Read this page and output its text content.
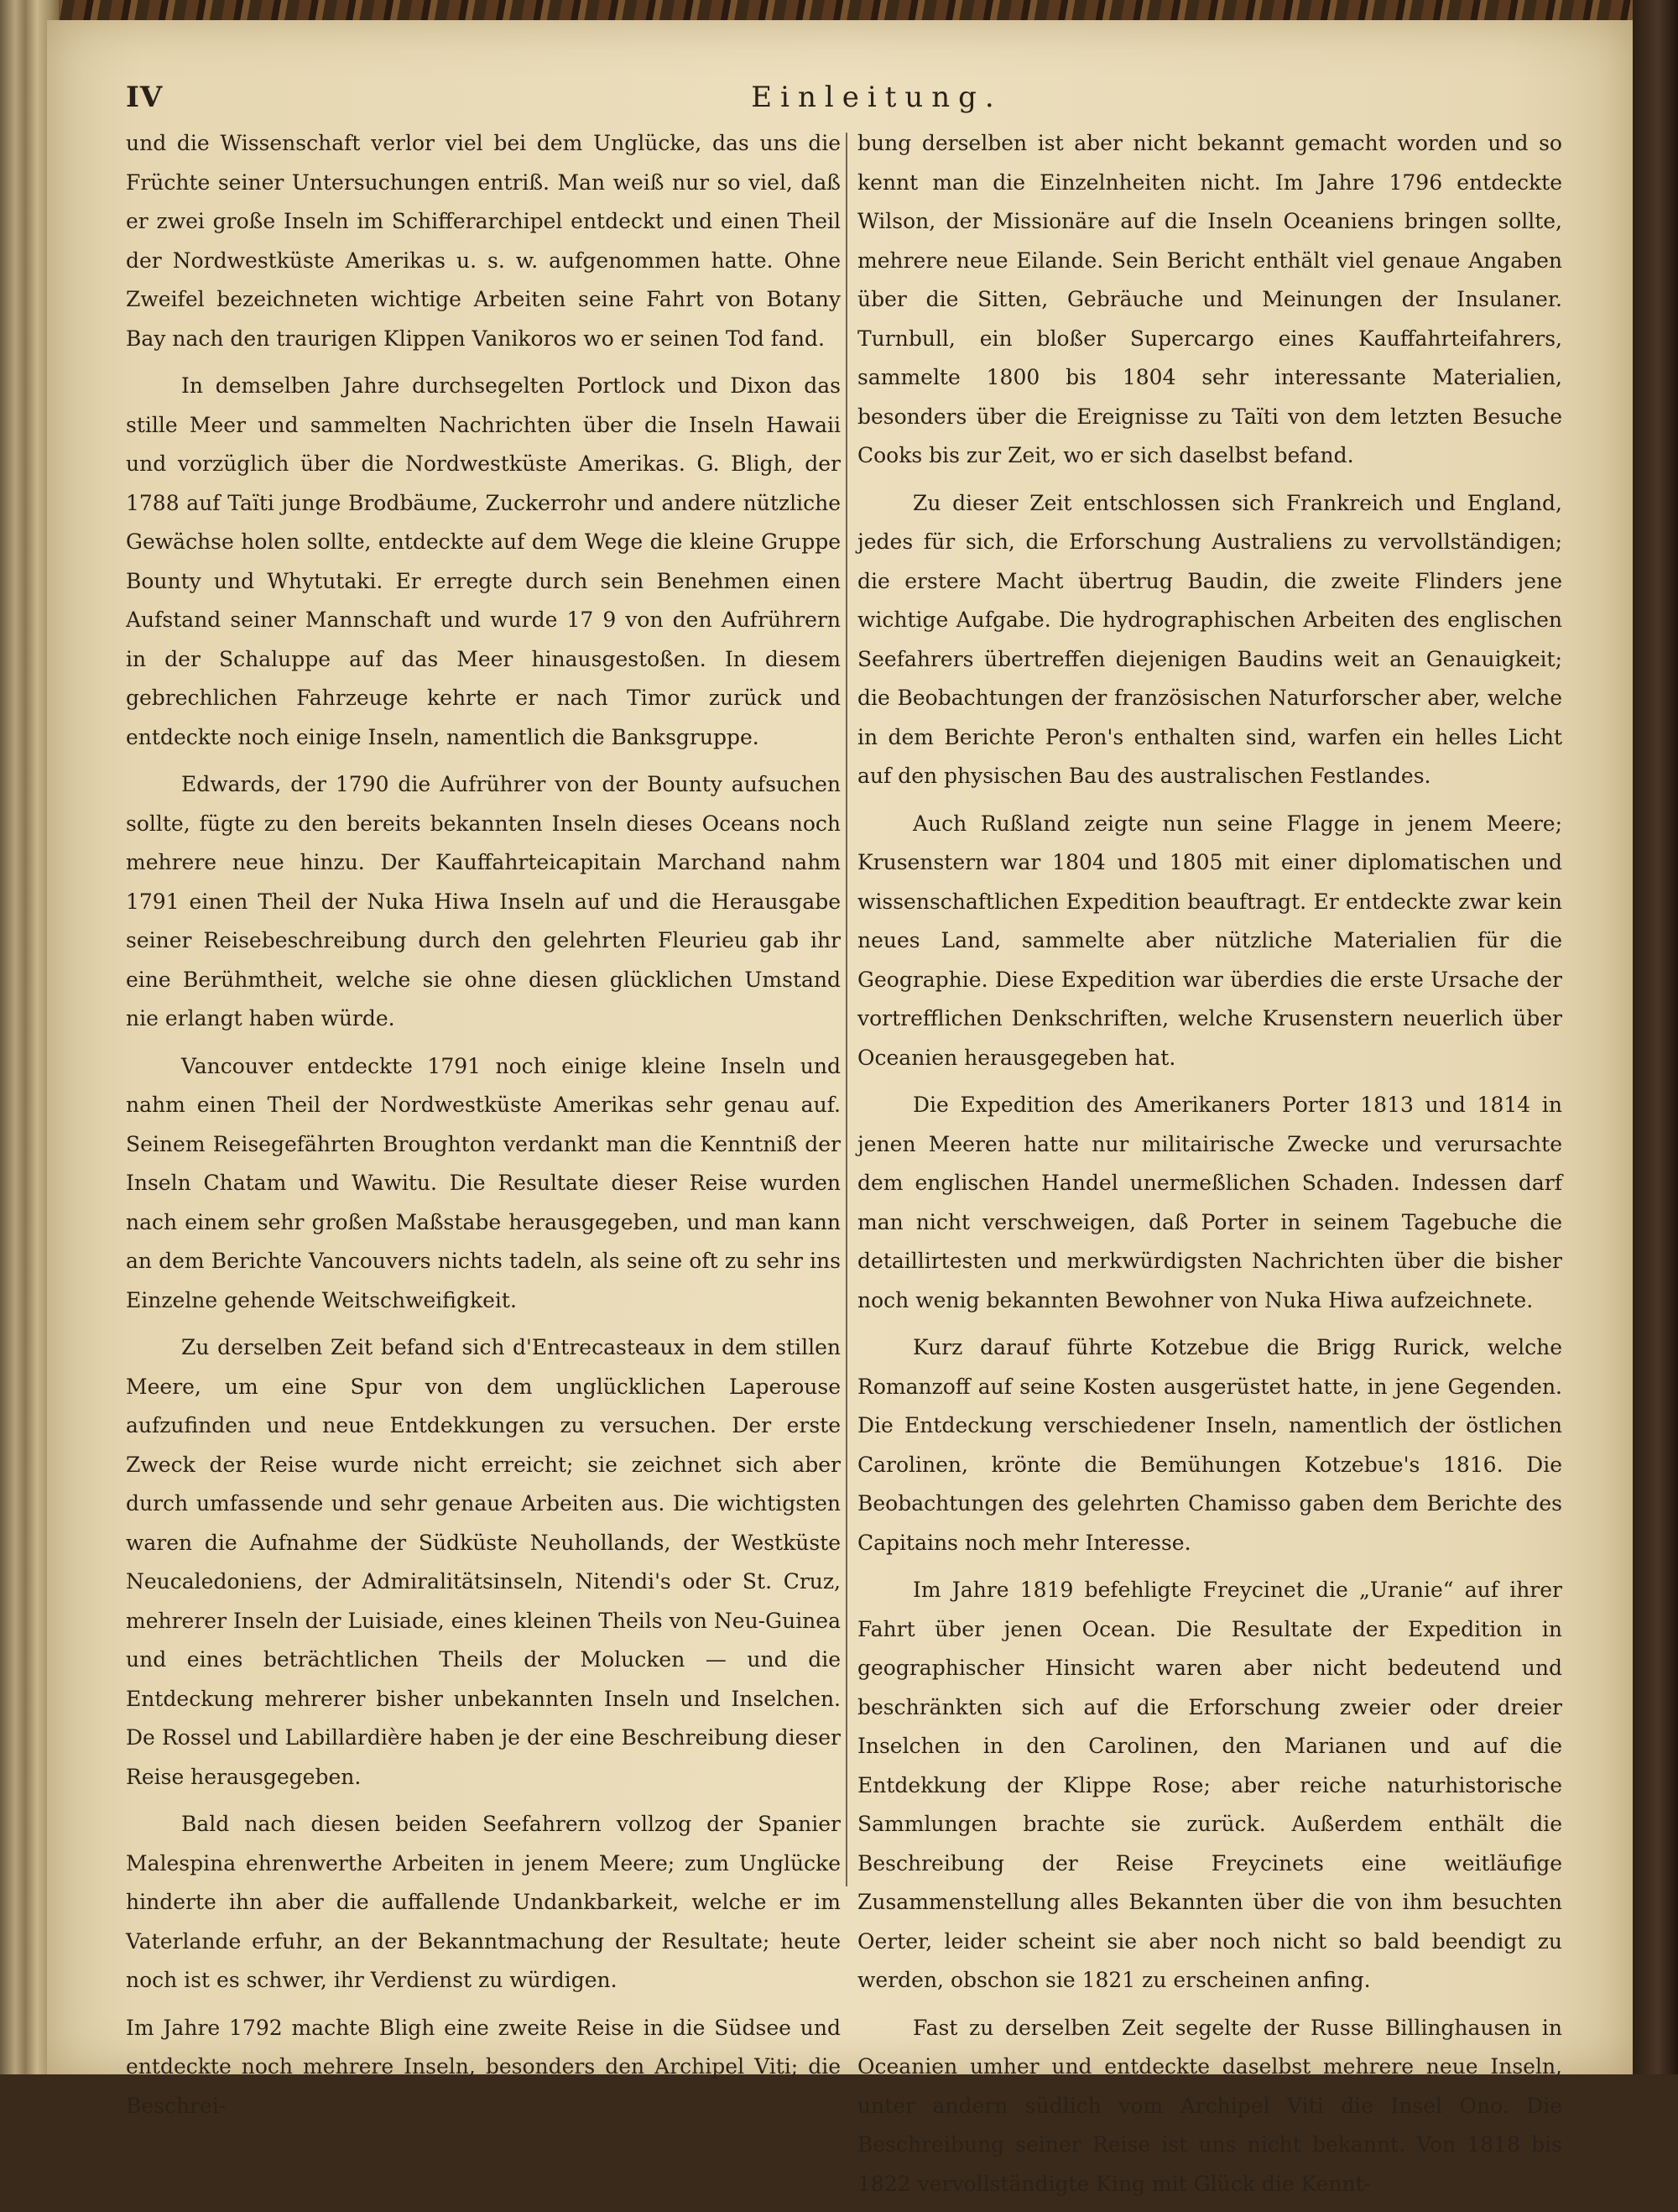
IV	Einleitung.

und die Wissenschaft verlor viel bei dem Unglücke, das uns die Früchte seiner Untersuchungen entriß. Man weiß nur so viel, daß er zwei große Inseln im Schifferarchipel entdeckt und einen Theil der Nordwestküste Amerikas u. s. w. aufgenommen hatte. Ohne Zweifel bezeichneten wichtige Arbeiten seine Fahrt von Botany Bay nach den traurigen Klippen Vanikoros wo er seinen Tod fand.

In demselben Jahre durchsegelten Portlock und Dixon das stille Meer und sammelten Nachrichten über die Inseln Hawaii und vorzüglich über die Nordwestküste Amerikas. G. Bligh, der 1788 auf Taïti junge Brodbäume, Zuckerrohr und andere nützliche Gewächse holen sollte, entdeckte auf dem Wege die kleine Gruppe Bounty und Whytutaki. Er erregte durch sein Benehmen einen Aufstand seiner Mannschaft und wurde 17 9 von den Aufrührern in der Schaluppe auf das Meer hinausgestoßen. In diesem gebrechlichen Fahrzeuge kehrte er nach Timor zurück und entdeckte noch einige Inseln, namentlich die Banksgruppe.

Edwards, der 1790 die Aufrührer von der Bounty aufsuchen sollte, fügte zu den bereits bekannten Inseln dieses Oceans noch mehrere neue hinzu. Der Kauffahrteicapitain Marchand nahm 1791 einen Theil der Nuka Hiwa Inseln auf und die Herausgabe seiner Reisebeschreibung durch den gelehrten Fleurieu gab ihr eine Berühmtheit, welche sie ohne diesen glücklichen Umstand nie erlangt haben würde.

Vancouver entdeckte 1791 noch einige kleine Inseln und nahm einen Theil der Nordwestküste Amerikas sehr genau auf. Seinem Reisegefährten Broughton verdankt man die Kenntniß der Inseln Chatam und Wawitu. Die Resultate dieser Reise wurden nach einem sehr großen Maßstabe herausgegeben, und man kann an dem Berichte Vancouvers nichts tadeln, als seine oft zu sehr ins Einzelne gehende Weitschweifigkeit.

Zu derselben Zeit befand sich d'Entrecasteaux in dem stillen Meere, um eine Spur von dem unglücklichen Laperouse aufzufinden und neue Entdekkungen zu versuchen. Der erste Zweck der Reise wurde nicht erreicht; sie zeichnet sich aber durch umfassende und sehr genaue Arbeiten aus. Die wichtigsten waren die Aufnahme der Südküste Neuhollands, der Westküste Neucaledoniens, der Admiralitätsinseln, Nitendi's oder St. Cruz, mehrerer Inseln der Luisiade, eines kleinen Theils von Neu-Guinea und eines beträchtlichen Theils der Molucken — und die Entdeckung mehrerer bisher unbekannten Inseln und Inselchen. De Rossel und Labillardière haben je der eine Beschreibung dieser Reise herausgegeben.

Bald nach diesen beiden Seefahrern vollzog der Spanier Malespina ehrenwerthe Arbeiten in jenem Meere; zum Unglücke hinderte ihn aber die auffallende Undankbarkeit, welche er im Vaterlande erfuhr, an der Bekanntmachung der Resultate; heute noch ist es schwer, ihr Verdienst zu würdigen.

Im Jahre 1792 machte Bligh eine zweite Reise in die Südsee und entdeckte noch mehrere Inseln, besonders den Archipel Viti; die Beschrei-

bung derselben ist aber nicht bekannt gemacht worden und so kennt man die Einzelnheiten nicht. Im Jahre 1796 entdeckte Wilson, der Missionäre auf die Inseln Oceaniens bringen sollte, mehrere neue Eilande. Sein Bericht enthält viel genaue Angaben über die Sitten, Gebräuche und Meinungen der Insulaner. Turnbull, ein bloßer Supercargo eines Kauffahrteifahrers, sammelte 1800 bis 1804 sehr interessante Materialien, besonders über die Ereignisse zu Taïti von dem letzten Besuche Cooks bis zur Zeit, wo er sich daselbst befand.

Zu dieser Zeit entschlossen sich Frankreich und England, jedes für sich, die Erforschung Australiens zu vervollständigen; die erstere Macht übertrug Baudin, die zweite Flinders jene wichtige Aufgabe. Die hydrographischen Arbeiten des englischen Seefahrers übertreffen diejenigen Baudins weit an Genauigkeit; die Beobachtungen der französischen Naturforscher aber, welche in dem Berichte Peron's enthalten sind, warfen ein helles Licht auf den physischen Bau des australischen Festlandes.

Auch Rußland zeigte nun seine Flagge in jenem Meere; Krusenstern war 1804 und 1805 mit einer diplomatischen und wissenschaftlichen Expedition beauftragt. Er entdeckte zwar kein neues Land, sammelte aber nützliche Materialien für die Geographie. Diese Expedition war überdies die erste Ursache der vortrefflichen Denkschriften, welche Krusenstern neuerlich über Oceanien herausgegeben hat.

Die Expedition des Amerikaners Porter 1813 und 1814 in jenen Meeren hatte nur militairische Zwecke und verursachte dem englischen Handel unermeßlichen Schaden. Indessen darf man nicht verschweigen, daß Porter in seinem Tagebuche die detaillirtesten und merkwürdigsten Nachrichten über die bisher noch wenig bekannten Bewohner von Nuka Hiwa aufzeichnete.

Kurz darauf führte Kotzebue die Brigg Rurick, welche Romanzoff auf seine Kosten ausgerüstet hatte, in jene Gegenden. Die Entdeckung verschiedener Inseln, namentlich der östlichen Carolinen, krönte die Bemühungen Kotzebue's 1816. Die Beobachtungen des gelehrten Chamisso gaben dem Berichte des Capitains noch mehr Interesse.

Im Jahre 1819 befehligte Freycinet die „Uranie“ auf ihrer Fahrt über jenen Ocean. Die Resultate der Expedition in geographischer Hinsicht waren aber nicht bedeutend und beschränkten sich auf die Erforschung zweier oder dreier Inselchen in den Carolinen, den Marianen und auf die Entdekkung der Klippe Rose; aber reiche naturhistorische Sammlungen brachte sie zurück. Außerdem enthält die Beschreibung der Reise Freycinets eine weitläufige Zusammenstellung alles Bekannten über die von ihm besuchten Oerter, leider scheint sie aber noch nicht so bald beendigt zu werden, obschon sie 1821 zu erscheinen anfing.

Fast zu derselben Zeit segelte der Russe Billinghausen in Oceanien umher und entdeckte daselbst mehrere neue Inseln, unter andern südlich vom Archipel Viti die Insel Ono. Die Beschreibung seiner Reise ist uns nicht bekannt. Von 1818 bis 1822 vervollständigte King mit Glück die Kennt-
